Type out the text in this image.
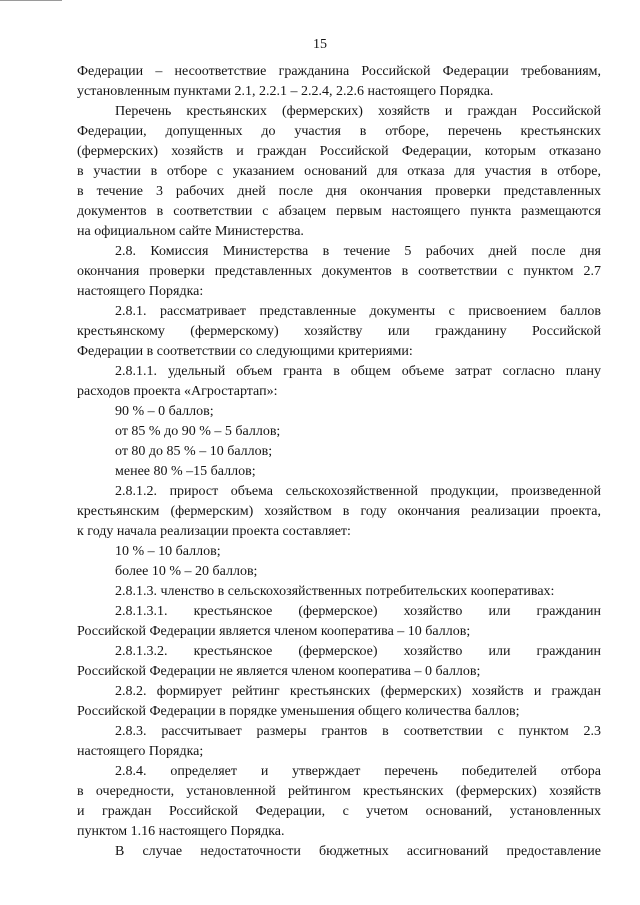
15
Федерации – несоответствие гражданина Российской Федерации требованиям,
установленным пунктами 2.1, 2.2.1 – 2.2.4, 2.2.6 настоящего Порядка.
Перечень крестьянских (фермерских) хозяйств и граждан Российской
Федерации, допущенных до участия в отборе, перечень крестьянских
(фермерских) хозяйств и граждан Российской Федерации, которым отказано
в участии в отборе с указанием оснований для отказа для участия в отборе,
в течение 3 рабочих дней после дня окончания проверки представленных
документов в соответствии с абзацем первым настоящего пункта размещаются
на официальном сайте Министерства.
2.8. Комиссия Министерства в течение 5 рабочих дней после дня
окончания проверки представленных документов в соответствии с пунктом 2.7
настоящего Порядка:
2.8.1. рассматривает представленные документы с присвоением баллов
крестьянскому (фермерскому) хозяйству или гражданину Российской
Федерации в соответствии со следующими критериями:
2.8.1.1. удельный объем гранта в общем объеме затрат согласно плану
расходов проекта «Агростартап»:
90 % – 0 баллов;
от 85 % до 90 % – 5 баллов;
от 80 до 85 % – 10 баллов;
менее 80 % –15 баллов;
2.8.1.2. прирост объема сельскохозяйственной продукции, произведенной
крестьянским (фермерским) хозяйством в году окончания реализации проекта,
к году начала реализации проекта составляет:
10 % – 10 баллов;
более 10 % – 20 баллов;
2.8.1.3. членство в сельскохозяйственных потребительских кооперативах:
2.8.1.3.1. крестьянское (фермерское) хозяйство или гражданин
Российской Федерации является членом кооператива – 10 баллов;
2.8.1.3.2. крестьянское (фермерское) хозяйство или гражданин
Российской Федерации не является членом кооператива – 0 баллов;
2.8.2. формирует рейтинг крестьянских (фермерских) хозяйств и граждан
Российской Федерации в порядке уменьшения общего количества баллов;
2.8.3. рассчитывает размеры грантов в соответствии с пунктом 2.3
настоящего Порядка;
2.8.4. определяет и утверждает перечень победителей отбора
в очередности, установленной рейтингом крестьянских (фермерских) хозяйств
и граждан Российской Федерации, с учетом оснований, установленных
пунктом 1.16 настоящего Порядка.
В случае недостаточности бюджетных ассигнований предоставление
